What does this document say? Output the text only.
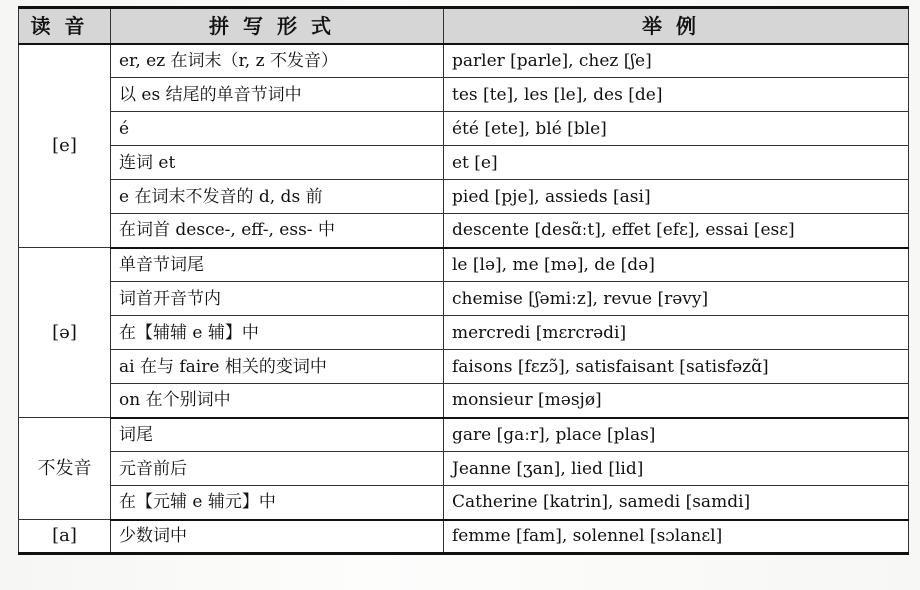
读音	拼写形式	举例
[e]	er, ez 在词末（r, z 不发音）	parler [parle], chez [ʃe]
	以 es 结尾的单音节词中	tes [te], les [le], des [de]
	é	été [ete], blé [ble]
	连词 et	et [e]
	e 在词末不发音的 d, ds 前	pied [pje], assieds [asi]
	在词首 desce-, eff-, ess- 中	descente [desɑ̃ːt], effet [efɛ], essai [esɛ]
[ə]	单音节词尾	le [lə], me [mə], de [də]
	词首开音节内	chemise [ʃəmiːz], revue [rəvy]
	在【辅辅 e 辅】中	mercredi [mɛrcrədi]
	ai 在与 faire 相关的变词中	faisons [fɛzɔ̃], satisfaisant [satisfəzɑ̃]
	on 在个别词中	monsieur [məsjø]
不发音	词尾	gare [gaːr], place [plas]
	元音前后	Jeanne [ʒan], lied [lid]
	在【元辅 e 辅元】中	Catherine [katrin], samedi [samdi]
[a]	少数词中	femme [fam], solennel [sɔlanɛl]
